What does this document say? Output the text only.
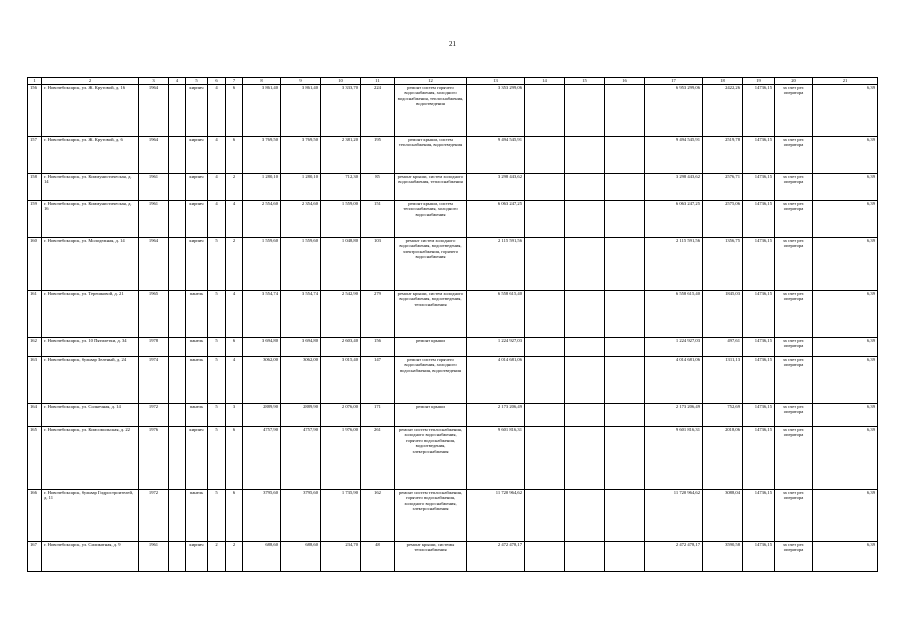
21
1	2	3	4	5	6	7	8	9	10	11	12	13	14	15	16	17	18	19	20	21
156	г. Новочебоксарск, ул. Ж. Крутовой, д. 16	1964		кирпич	4	6	3 861,40	3 861,40	3 333,70	224	ремонт систем горячего водоснабжения, холодного водоснабжения, теплоснабжения, водоотведения	3 353 299,06				6 953 299,06	2422,26	14736,15	за счет рег. оператора	6,39
157	г. Новочебоксарск, ул. Ж. Крутовой, д. 6	1964		кирпич	4	6	3 769,50	3 769,50	2 381,20	195	ремонт крыши, систем теплоснабжения, водоотведения	9 494 545,91				9 494 545,91	2519,78	14736,15	за счет рег. оператора	6,39
158	г. Новочебоксарск, ул. Коммунистическая, д. 14	1961		кирпич	4	2	1 280,10	1 280,10	712,30	85	ремонт крыши, систем холодного водоснабжения, теплоснабжения	3 298 443,62				3 298 443,62	2576,71	14736,15	за счет рег. оператора	6,39
159	г. Новочебоксарск, ул. Коммунистическая, д. 16	1961		кирпич	4	4	2 554,60	2 354,60	1 559,00	151	ремонт крыши, систем теплоснабжения, холодного водоснабжения	6 063 247,25				6 063 247,25	2575,06	14736,15	за счет рег. оператора	6,39
160	г. Новочебоксарск, ул. Молодежная, д. 14	1964		кирпич	5	2	1 559,60	1 559,60	1 048,80	103	ремонт систем холодного водоснабжения, водоотведения, электроснабжения, горячего водоснабжения	2 115 591,56				2 115 591,56	1356,75	14736,15	за счет рег. оператора	6,39
161	г. Новочебоксарск, ул. Терешковой, д. 21	1965		панель	5	4	3 554,74	3 554,74	2 542,90	279	ремонт крыши, систем холодного водоснабжения, водоотведения, теплоснабжения	6 558 615,40				6 558 615,40	1845,03	14736,15	за счет рег. оператора	6,39
162	г. Новочебоксарск, ул. 10 Пятилетки, д. 34	1978		панель	5	6	3 694,80	3 694,80	2 603,40	156	ремонт крыши	1 224 927,03				1 224 927,03	497,61	14736,15	за счет рег. оператора	6,39
163	г. Новочебоксарск, бульвар Зеленый, д. 24	1974		панель	5	4	3062,00	3062,00	3 015,40	147	ремонт систем горячего водоснабжения, холодного водоснабжения, водоотведения	4 014 681,06				4 014 681,06	1311,13	14736,15	за счет рег. оператора	6,39
164	г. Новочебоксарск, ул. Солнечная, д. 14	1972		панель	5	3	2889,90	2889,90	2 076,00	171	ремонт крыши	2 173 206,49				2 173 206,49	752,69	14736,15	за счет рег. оператора	6,39
165	г. Новочебоксарск, ул. Комсомольская, д. 22	1976		кирпич	5	6	4757,90	4757,90	1 976,00	261	ремонт систем теплоснабжения, холодного водоснабжения, горячего водоснабжения, водоотведения, электроснабжения	9 601 816,31				9 601 816,31	2018,06	14736,15	за счет рег. оператора	6,39
166	г. Новочебоксарск, бульвар Гидростроителей, д. 11	1972		панель	5	6	3795,60	3795,60	1 735,90	162	ремонт систем теплоснабжения, горячего водоснабжения, холодного водоснабжения, электроснабжения	11 720 964,62				11 720 964,62	3088,04	14736,15	за счет рег. оператора	6,39
167	г. Новочебоксарск, ул. Силикатная, д. 9	1961		кирпич	2	2	688,60	688,60	234,70	48	ремонт крыши, системы теплоснабжения	2 472 478,17				2 472 478,17	3590,58	14736,15	за счет рег. оператора	6,39
